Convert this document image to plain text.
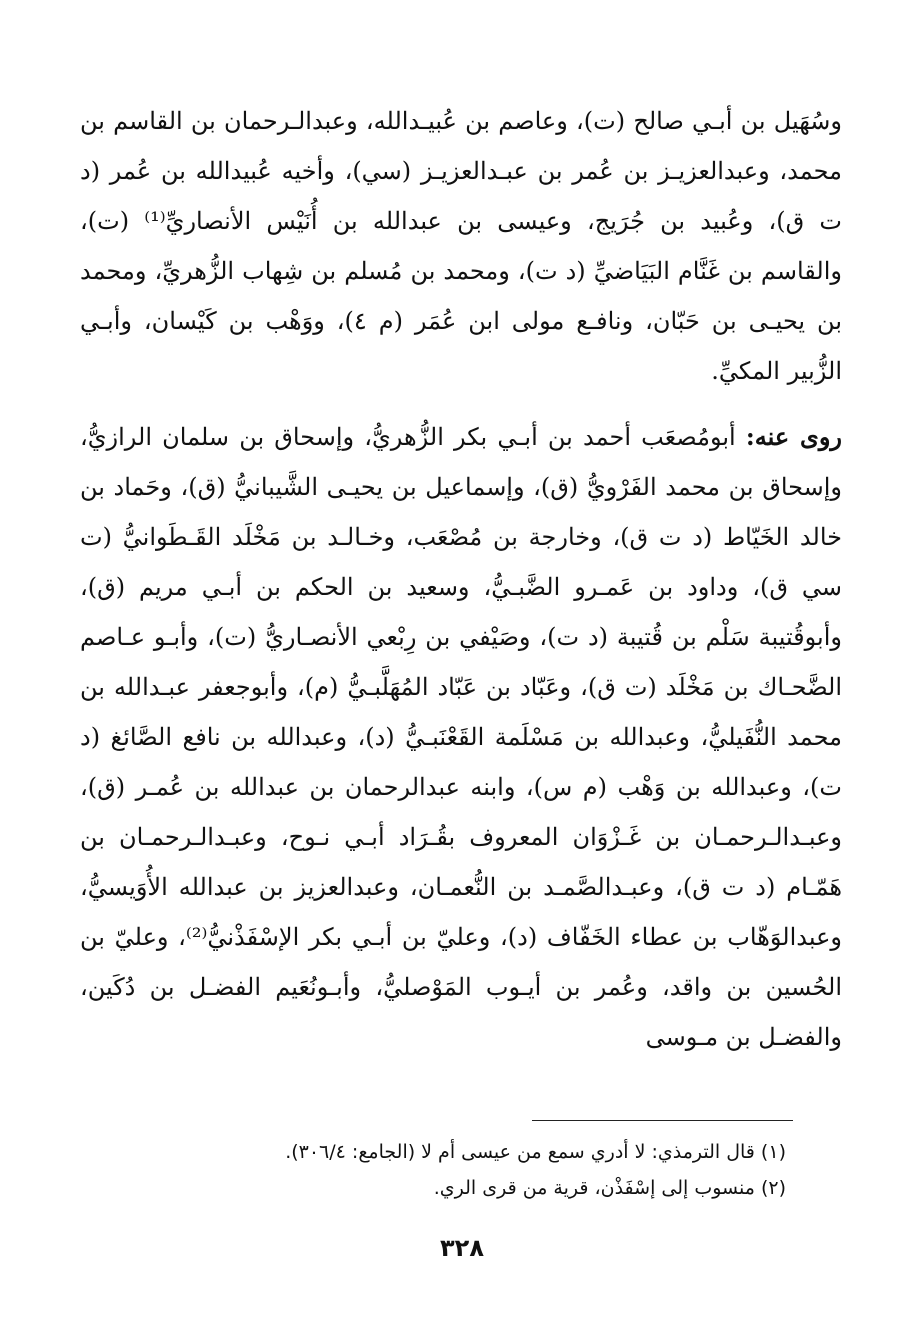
وسُهَيل بن أبـي صالح (ت)، وعاصم بن عُبيـدالله، وعبدالـرحمان بن القاسم بن محمد، وعبدالعزيـز بن عُمر بن عبـدالعزيـز (سي)، وأخيه عُبيدالله بن عُمر (د ت ق)، وعُبيد بن جُرَيج، وعيسى بن عبدالله بن أُنَيْس الأنصاريِّ⁽¹⁾ (ت)، والقاسم بن غَنَّام البَيَاضيِّ (د ت)، ومحمد بن مُسلم بن شِهاب الزُّهريِّ، ومحمد بن يحيـى بن حَبّان، ونافـع مولى ابن عُمَر (م ٤)، ووَهْب بن كَيْسان، وأبـي الزُّبير المكيِّ.

روى عنه: أبومُصعَب أحمد بن أبـي بكر الزُّهريُّ، وإسحاق بن سلمان الرازيُّ، وإسحاق بن محمد الفَرْويُّ (ق)، وإسماعيل بن يحيـى الشَّيبانيُّ (ق)، وحَماد بن خالد الخَيّاط (د ت ق)، وخارجة بن مُصْعَب، وخـالـد بن مَخْلَد القَـطَوانيُّ (ت سي ق)، وداود بن عَمـرو الضَّبـيُّ، وسعيد بن الحكم بن أبـي مريم (ق)، وأبوقُتيبة سَلْم بن قُتيبة (د ت)، وصَيْفي بن رِبْعي الأنصـاريُّ (ت)، وأبـو عـاصم الضَّحـاك بن مَخْلَد (ت ق)، وعَبّاد بن عَبّاد المُهَلَّبـيُّ (م)، وأبوجعفر عبـدالله بن محمد النُّفَيليُّ، وعبدالله بن مَسْلَمة القَعْنَبـيُّ (د)، وعبدالله بن نافع الصَّائغ (د ت)، وعبدالله بن وَهْب (م س)، وابنه عبدالرحمان بن عبدالله بن عُمـر (ق)، وعبـدالـرحمـان بن غَـزْوَان المعروف بقُـرَاد أبـي نـوح، وعبـدالـرحمـان بن هَمّـام (د ت ق)، وعبـدالصَّمـد بن النُّعمـان، وعبدالعزيز بن عبدالله الأُوَيسيُّ، وعبدالوَهّاب بن عطاء الخَفّاف (د)، وعليّ بن أبـي بكر الإسْفَذْنيُّ⁽²⁾، وعليّ بن الحُسين بن واقد، وعُمر بن أيـوب المَوْصليُّ، وأبـونُعَيم الفضـل بن دُكَين، والفضـل بن مـوسى

(١) قال الترمذي: لا أدري سمع من عيسى أم لا (الجامع: ٣٠٦/٤).

(٢) منسوب إلى إسْفَذْن، قرية من قرى الري.

٣٢٨
